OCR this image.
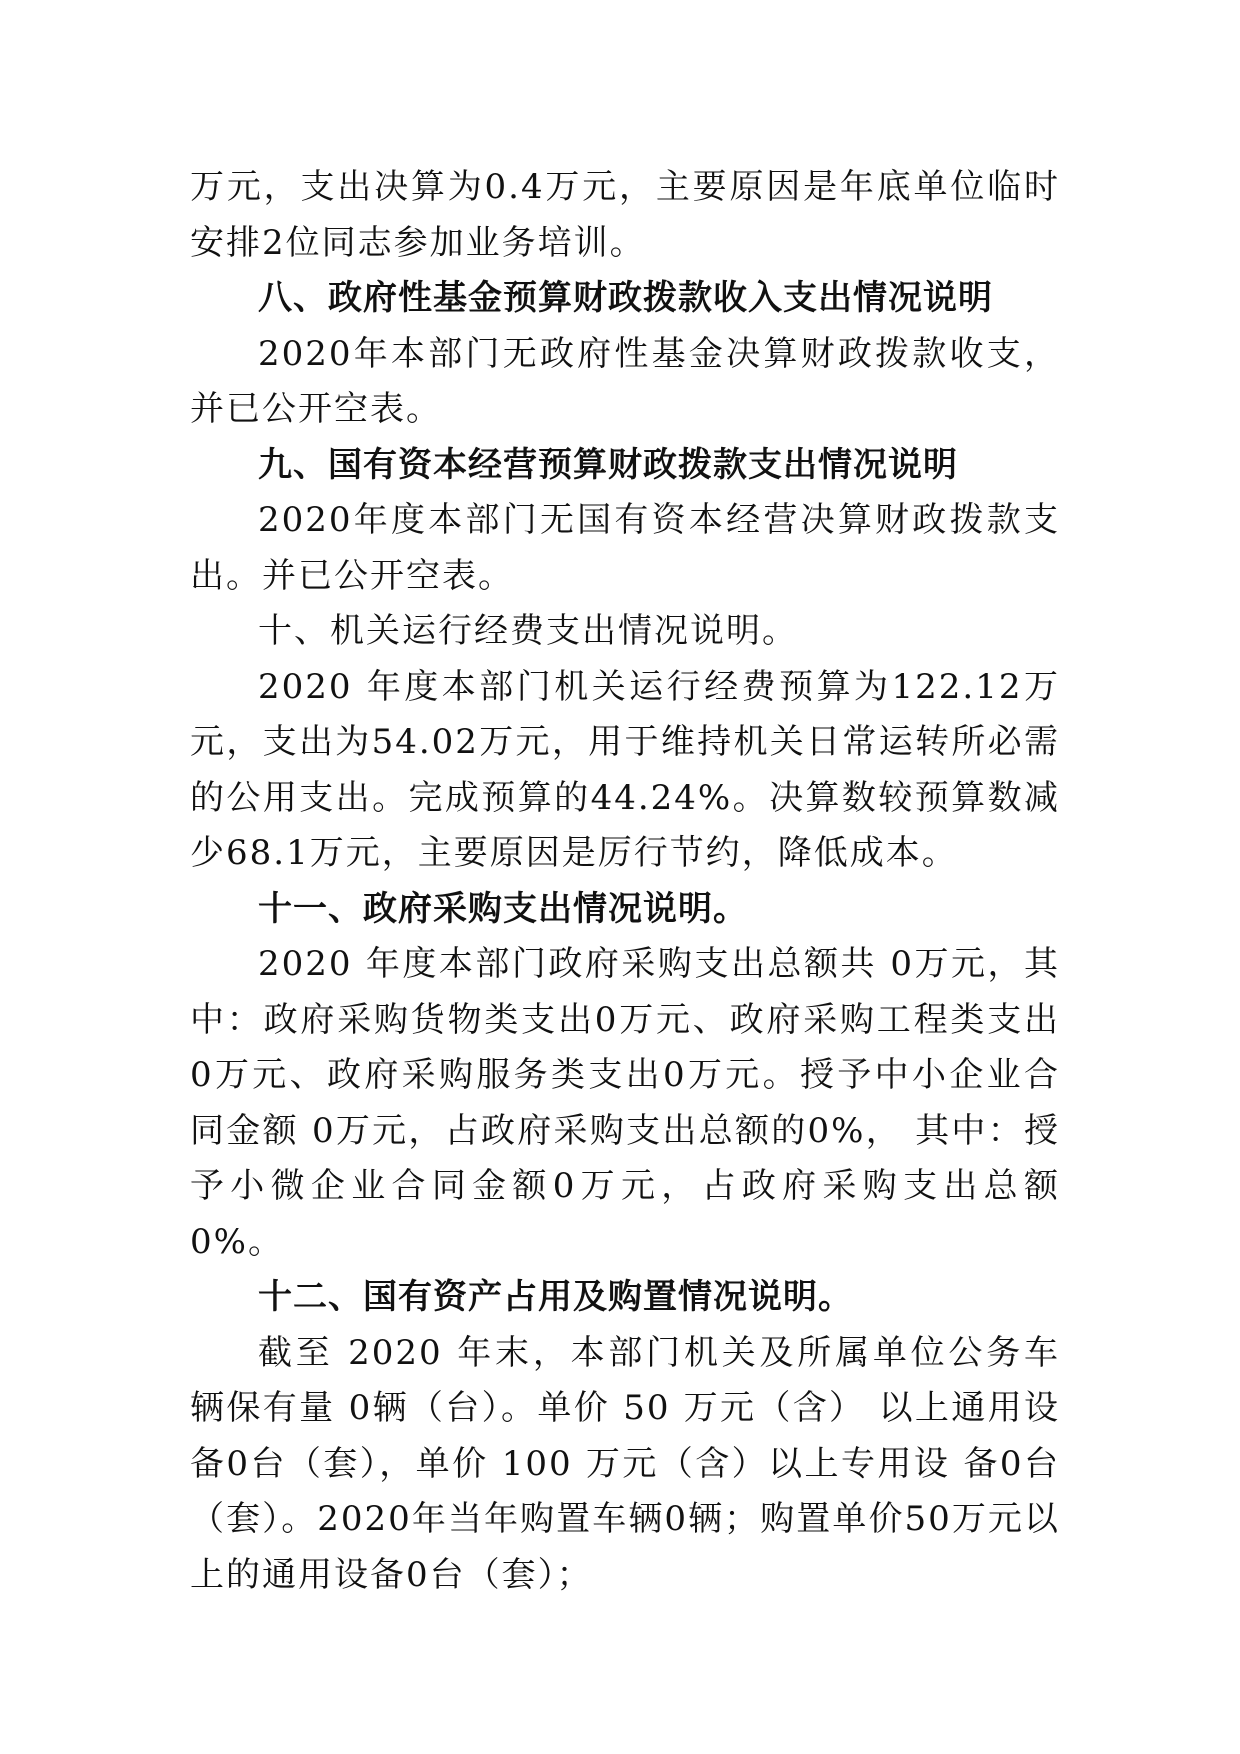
万元，支出决算为0.4万元，主要原因是年底单位临时安排2位同志参加业务培训。

八、政府性基金预算财政拨款收入支出情况说明

2020年本部门无政府性基金决算财政拨款收支，并已公开空表。

九、国有资本经营预算财政拨款支出情况说明

2020年度本部门无国有资本经营决算财政拨款支出。并已公开空表。

十、机关运行经费支出情况说明。

2020 年度本部门机关运行经费预算为122.12万元，支出为54.02万元，用于维持机关日常运转所必需的公用支出。完成预算的44.24%。决算数较预算数减少68.1万元，主要原因是厉行节约，降低成本。

十一、政府采购支出情况说明。

2020 年度本部门政府采购支出总额共 0万元，其中：政府采购货物类支出0万元、政府采购工程类支出0万元、政府采购服务类支出0万元。授予中小企业合同金额 0万元，占政府采购支出总额的0%， 其中：授予小微企业合同金额0万元，占政府采购支出总额 0%。

十二、国有资产占用及购置情况说明。

截至 2020 年末，本部门机关及所属单位公务车辆保有量 0辆（台）。单价 50 万元（含） 以上通用设备0台（套），单价 100 万元（含）以上专用设 备0台（套）。2020年当年购置车辆0辆；购置单价50万元以上的通用设备0台（套）；
